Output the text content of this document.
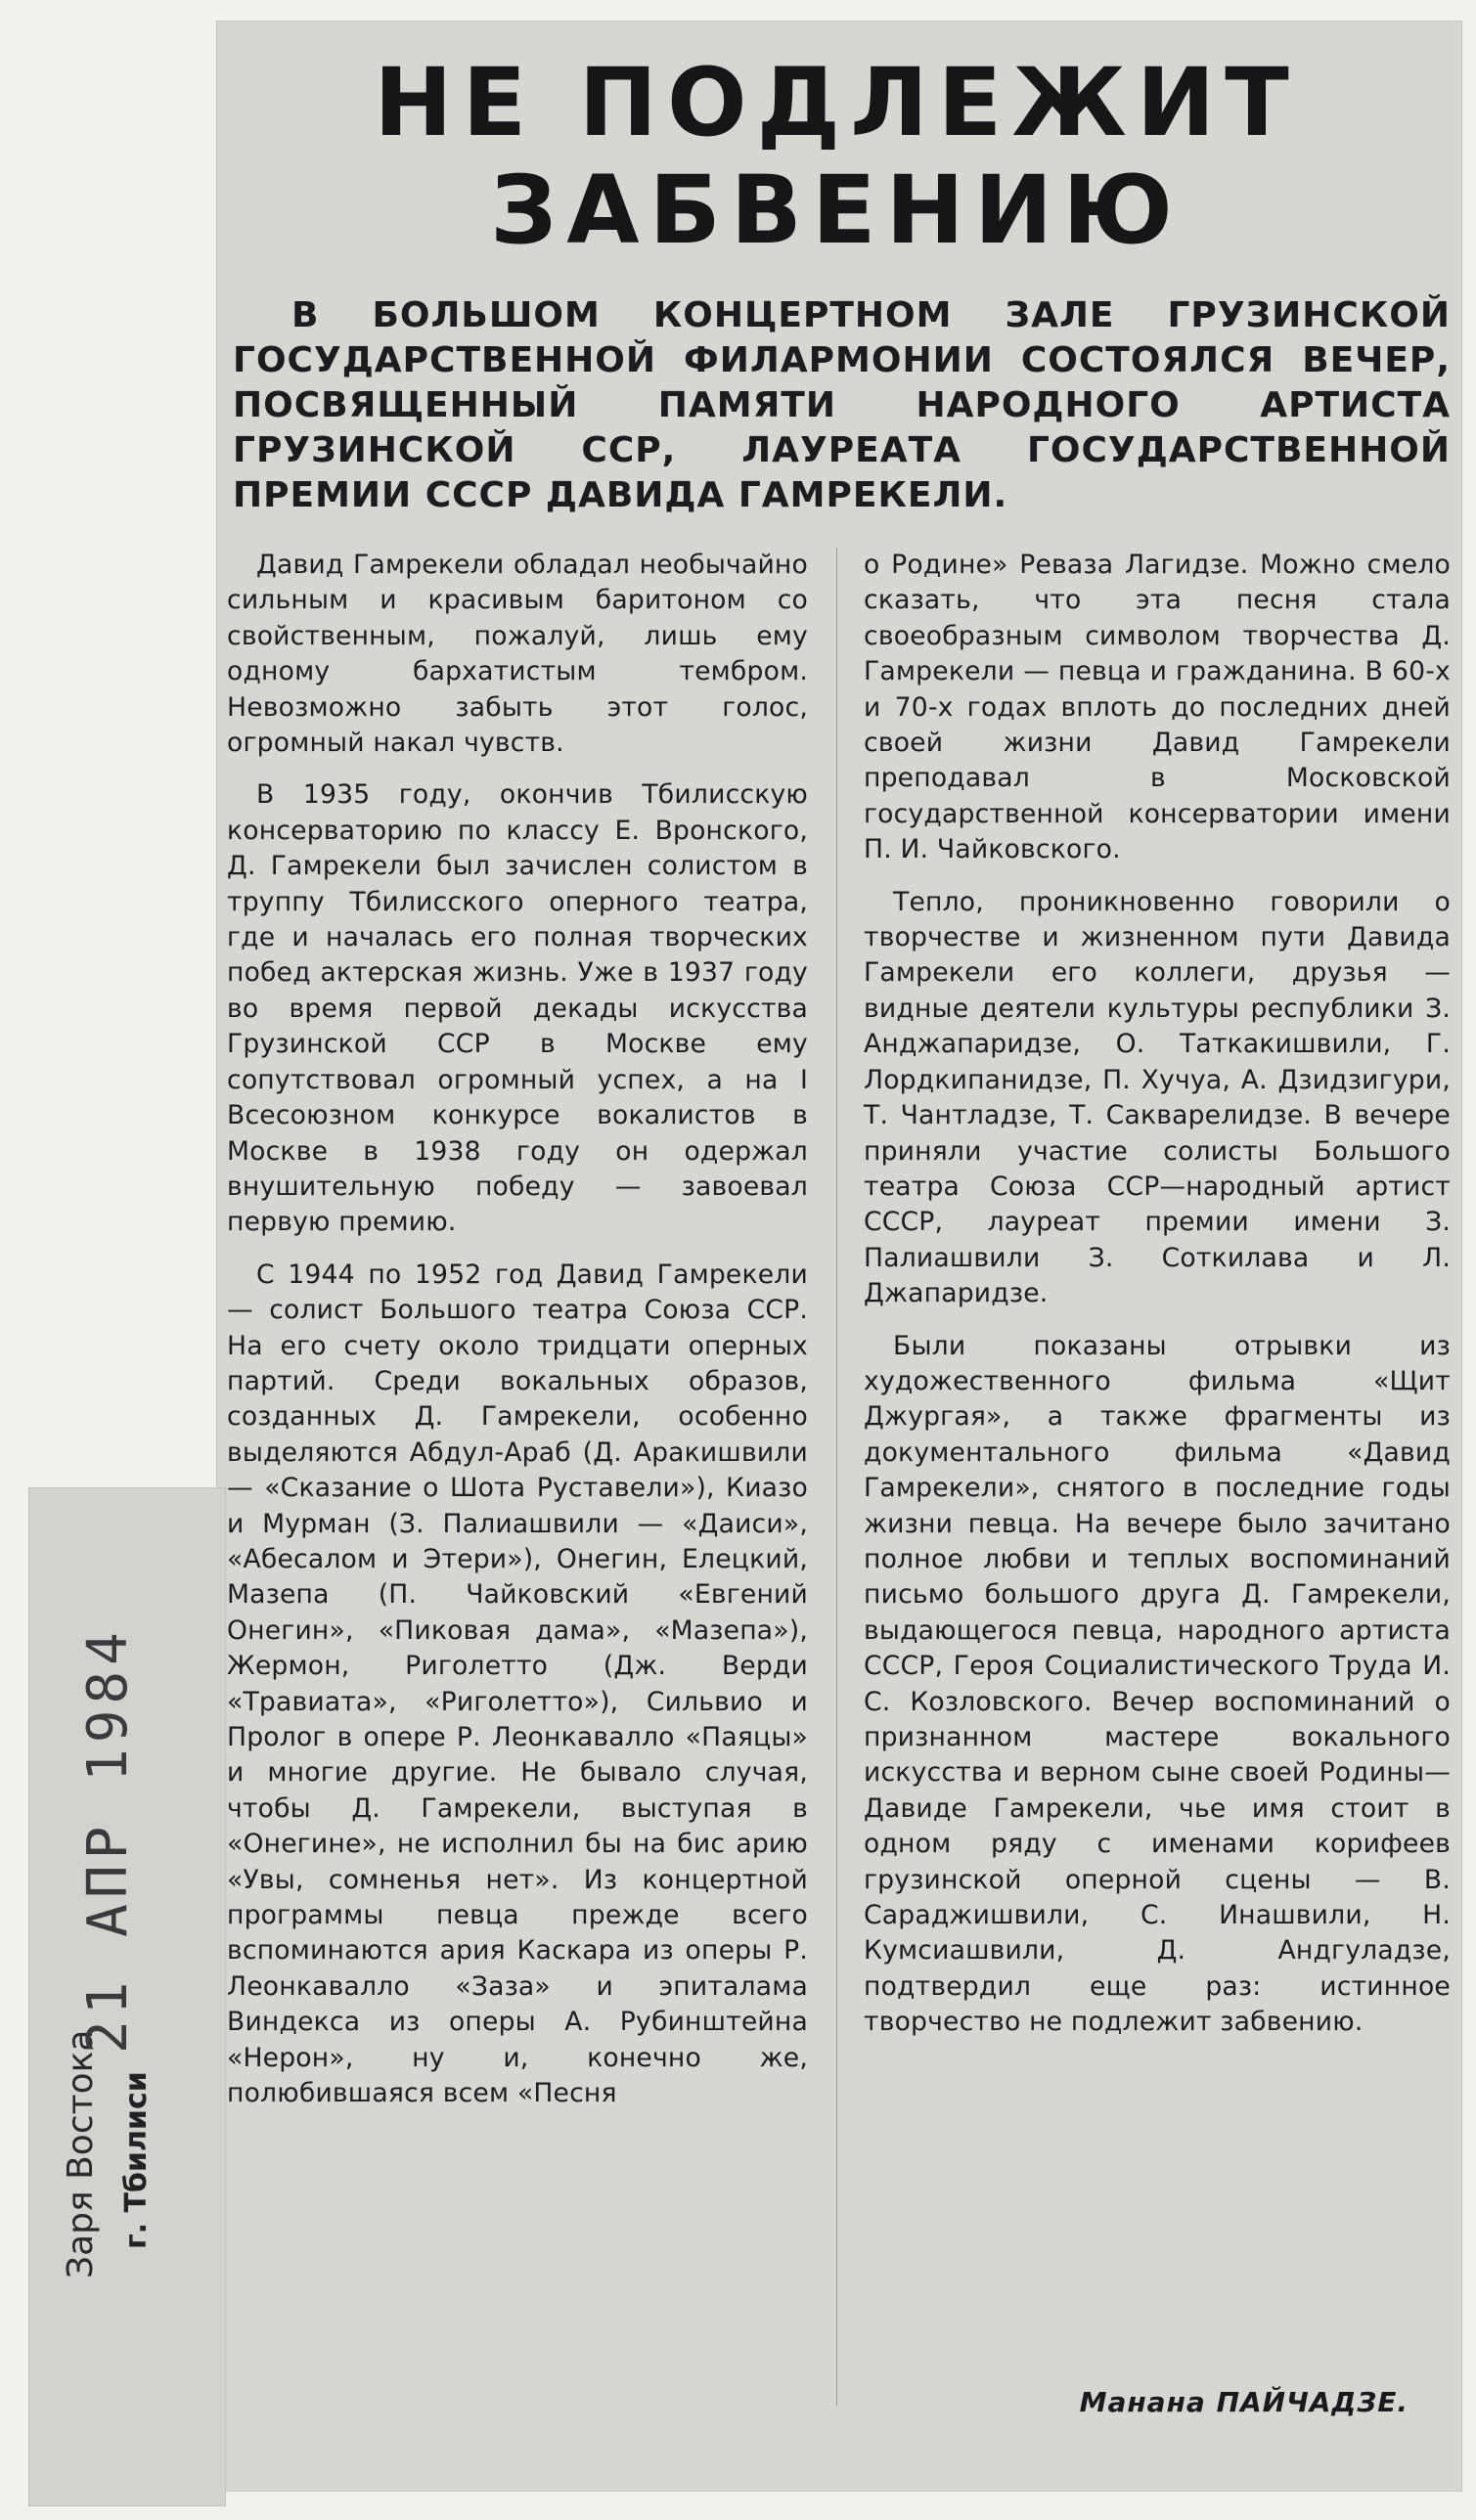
НЕ ПОДЛЕЖИТ
ЗАБВЕНИЮ

В БОЛЬШОМ КОНЦЕРТНОМ ЗАЛЕ ГРУЗИНСКОЙ ГОСУДАРСТВЕННОЙ ФИЛАРМОНИИ СОСТОЯЛСЯ ВЕЧЕР, ПОСВЯЩЕННЫЙ ПАМЯТИ НАРОДНОГО АРТИСТА ГРУЗИНСКОЙ ССР, ЛАУРЕАТА ГОСУДАРСТВЕННОЙ ПРЕМИИ СССР ДАВИДА ГАМРЕКЕЛИ.

Давид Гамрекели обладал необычайно сильным и красивым баритоном со свойственным, пожалуй, лишь ему одному бархатистым тембром. Невозможно забыть этот голос, огромный накал чувств.

В 1935 году, окончив Тбилисскую консерваторию по классу Е. Вронского, Д. Гамрекели был зачислен солистом в труппу Тбилисского оперного театра, где и началась его полная творческих побед актерская жизнь. Уже в 1937 году во время первой декады искусства Грузинской ССР в Москве ему сопутствовал огромный успех, а на I Всесоюзном конкурсе вокалистов в Москве в 1938 году он одержал внушительную победу — завоевал первую премию.

С 1944 по 1952 год Давид Гамрекели — солист Большого театра Союза ССР. На его счету около тридцати оперных партий. Среди вокальных образов, созданных Д. Гамрекели, особенно выделяются Абдул-Араб (Д. Аракишвили — «Сказание о Шота Руставели»), Киазо и Мурман (З. Палиашвили — «Даиси», «Абесалом и Этери»), Онегин, Елецкий, Мазепа (П. Чайковский «Евгений Онегин», «Пиковая дама», «Мазепа»), Жермон, Риголетто (Дж. Верди «Травиата», «Риголетто»), Сильвио и Пролог в опере Р. Леонкавалло «Паяцы» и многие другие. Не бывало случая, чтобы Д. Гамрекели, выступая в «Онегине», не исполнил бы на бис арию «Увы, сомненья нет». Из концертной программы певца прежде всего вспоминаются ария Каскара из оперы Р. Леонкавалло «Заза» и эпиталама Виндекса из оперы А. Рубинштейна «Нерон», ну и, конечно же, полюбившаяся всем «Песня

о Родине» Реваза Лагидзе. Можно смело сказать, что эта песня стала своеобразным символом творчества Д. Гамрекели — певца и гражданина. В 60-х и 70-х годах вплоть до последних дней своей жизни Давид Гамрекели преподавал в Московской государственной консерватории имени П. И. Чайковского.

Тепло, проникновенно говорили о творчестве и жизненном пути Давида Гамрекели его коллеги, друзья — видные деятели культуры республики З. Анджапаридзе, О. Таткакишвили, Г. Лордкипанидзе, П. Хучуа, А. Дзидзигури, Т. Чантладзе, Т. Сакварелидзе. В вечере приняли участие солисты Большого театра Союза ССР—народный артист СССР, лауреат премии имени З. Палиашвили З. Соткилава и Л. Джапаридзе.

Были показаны отрывки из художественного фильма «Щит Джургая», а также фрагменты из документального фильма «Давид Гамрекели», снятого в последние годы жизни певца. На вечере было зачитано полное любви и теплых воспоминаний письмо большого друга Д. Гамрекели, выдающегося певца, народного артиста СССР, Героя Социалистического Труда И. С. Козловского. Вечер воспоминаний о признанном мастере вокального искусства и верном сыне своей Родины—Давиде Гамрекели, чье имя стоит в одном ряду с именами корифеев грузинской оперной сцены — В. Сараджишвили, С. Инашвили, Н. Кумсиашвили, Д. Андгуладзе, подтвердил еще раз: истинное творчество не подлежит забвению.

Манана ПАЙЧАДЗЕ.
Заря Востока г. Тбилиси
21 АПР 1984
